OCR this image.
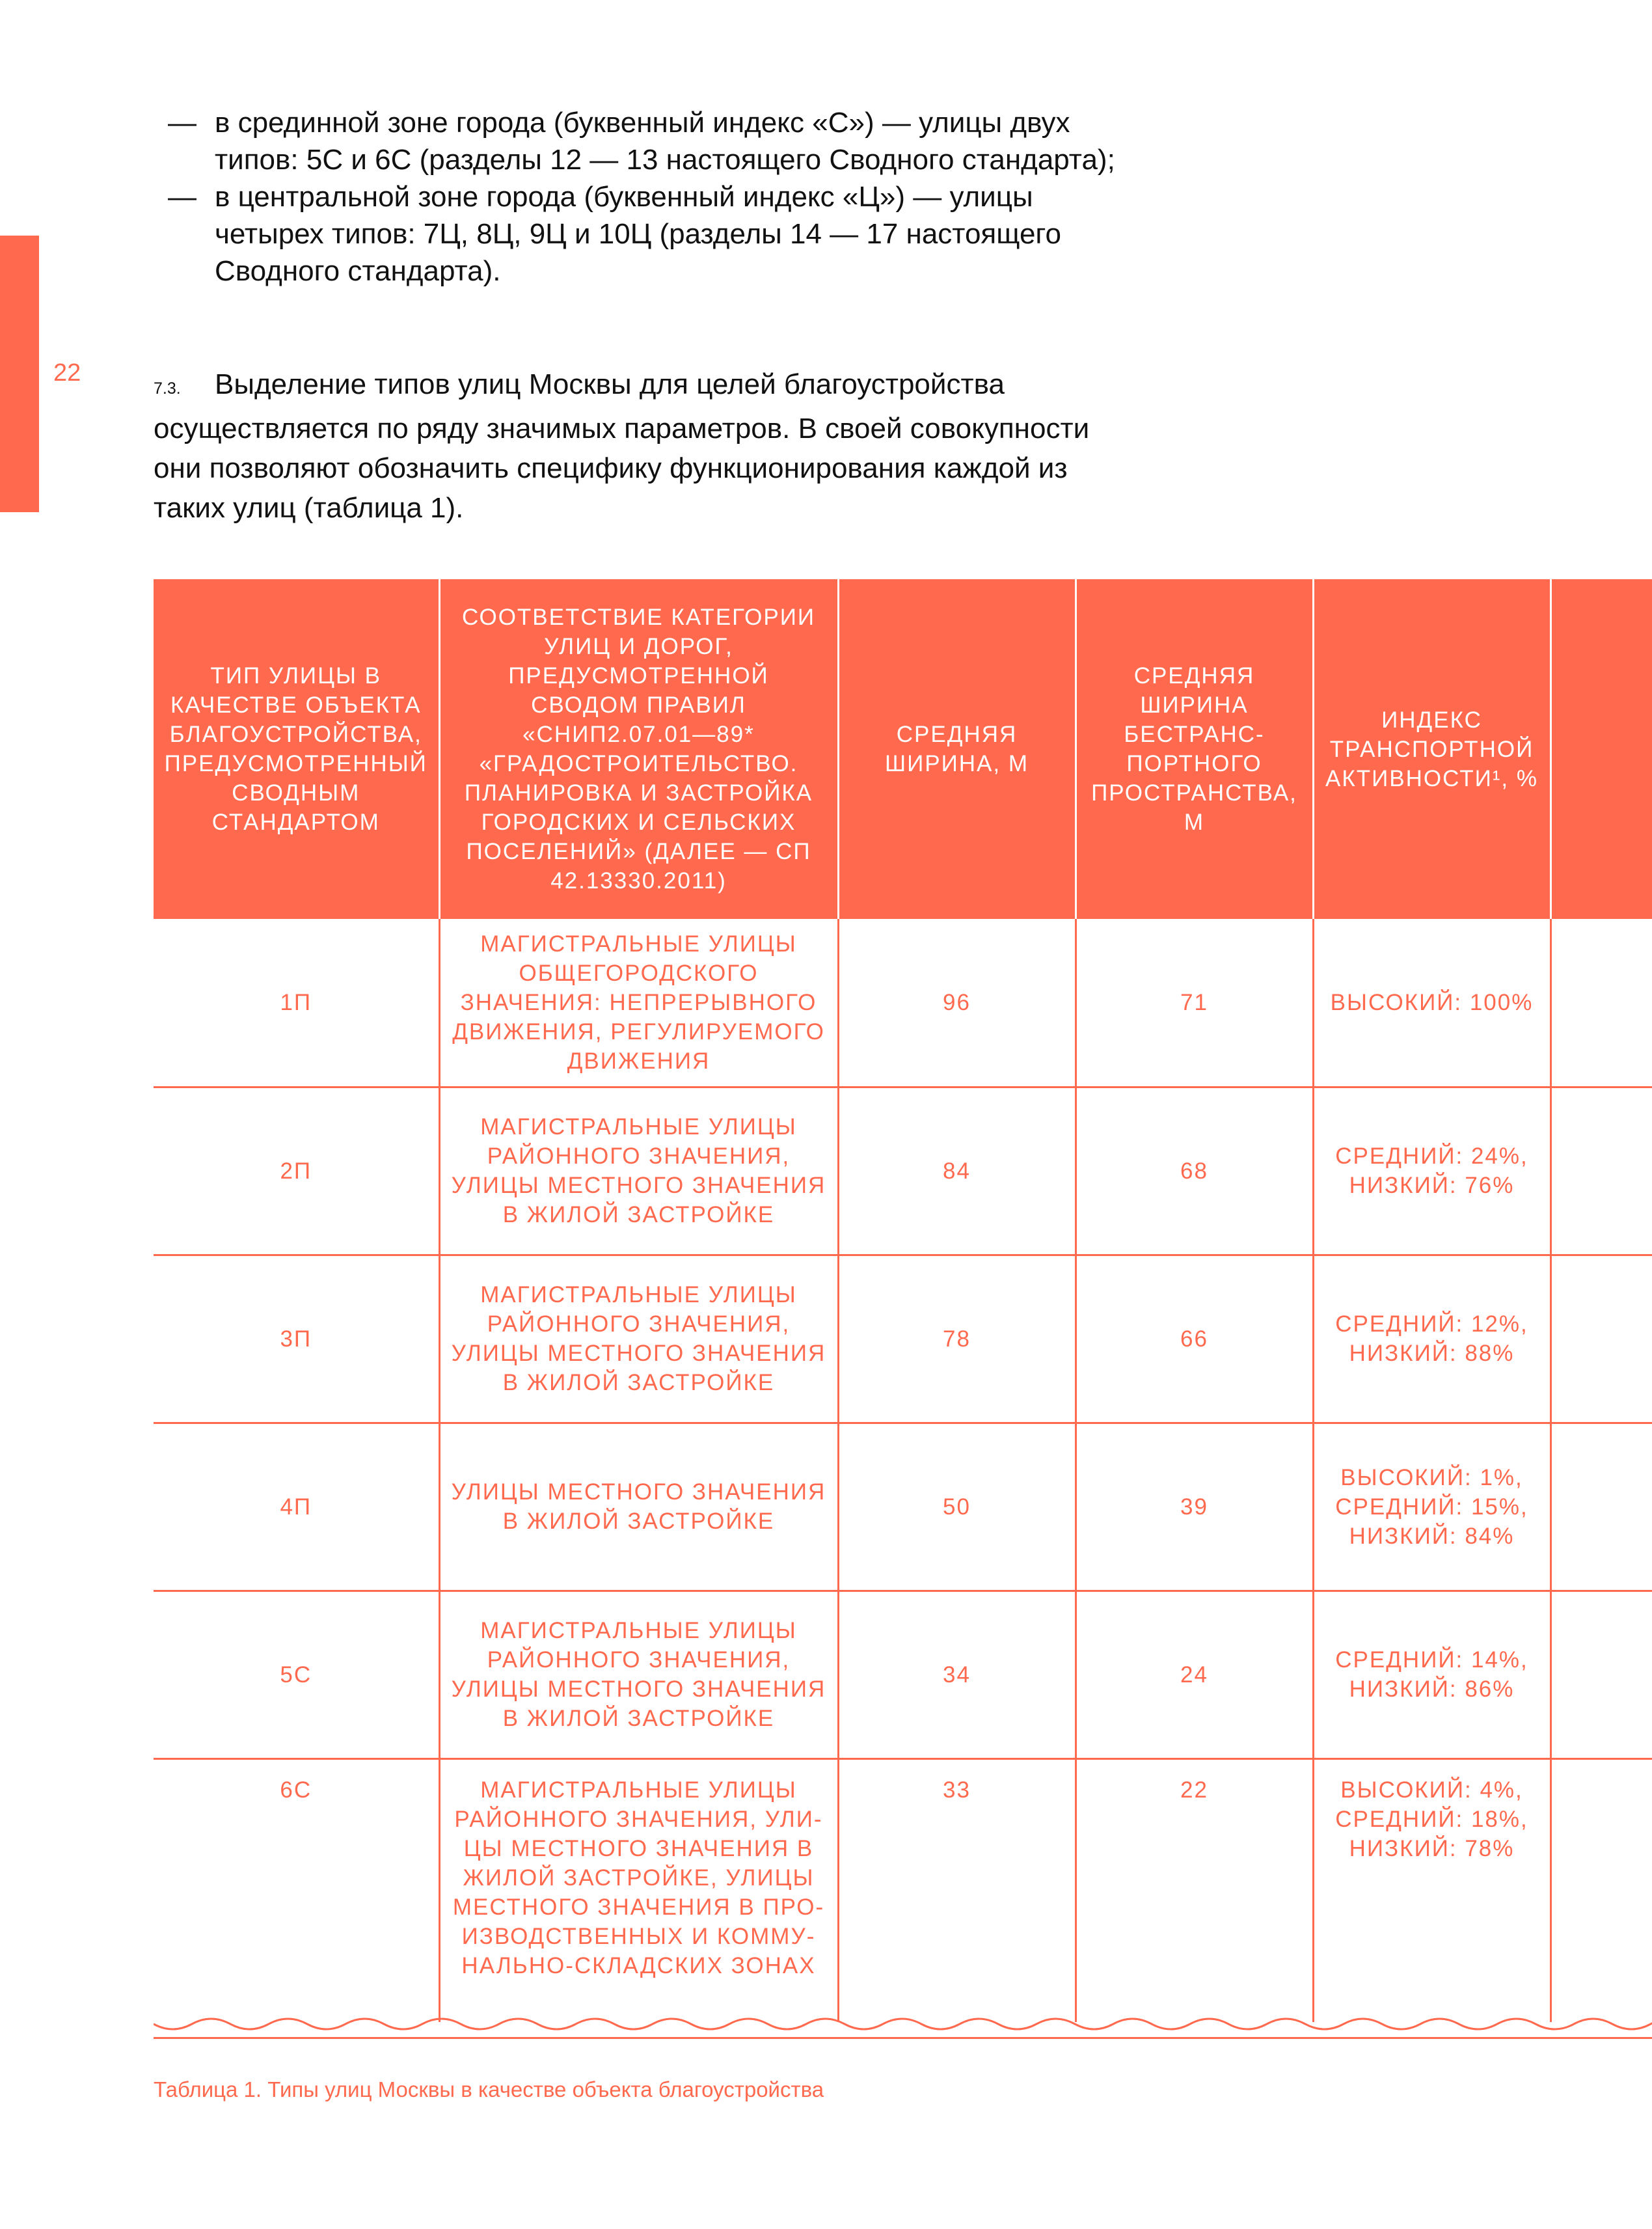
22

— в срединной зоне города (буквенный индекс «С») — улицы двух типов: 5С и 6С (разделы 12 — 13 настоящего Сводного стандарта);

— в центральной зоне города (буквенный индекс «Ц») — улицы четырех типов: 7Ц, 8Ц, 9Ц и 10Ц (разделы 14 — 17 настоящего Сводного стандарта).

7.3. Выделение типов улиц Москвы для целей благоустройства осуществляется по ряду значимых параметров. В своей совокупности они позволяют обозначить специфику функционирования каждой из таких улиц (таблица 1).
ТИП УЛИЦЫ В КАЧЕСТВЕ ОБЪЕКТА БЛАГОУСТРОЙСТВА, ПРЕДУСМОТРЕННЫЙ СВОДНЫМ СТАНДАРТОМ	СООТВЕТСТВИЕ КАТЕГОРИИ УЛИЦ И ДОРОГ, ПРЕДУСМОТРЕННОЙ СВОДОМ ПРАВИЛ «СНИП2.07.01—89* «ГРАДОСТРОИТЕЛЬСТВО. ПЛАНИРОВКА И ЗАСТРОЙКА ГОРОДСКИХ И СЕЛЬСКИХ ПОСЕЛЕНИЙ» (ДАЛЕЕ — СП 42.13330.2011)	СРЕДНЯЯ ШИРИНА, М	СРЕДНЯЯ ШИРИНА БЕСТРАНС-ПОРТНОГО ПРОСТРАНСТВА, М	ИНДЕКС ТРАНСПОРТНОЙ АКТИВНОСТИ¹, %	
1П	МАГИСТРАЛЬНЫЕ УЛИЦЫ ОБЩЕГОРОДСКОГО ЗНАЧЕНИЯ: НЕПРЕРЫВНОГО ДВИЖЕНИЯ, РЕГУЛИРУЕМОГО ДВИЖЕНИЯ	96	71	ВЫСОКИЙ: 100%	
2П	МАГИСТРАЛЬНЫЕ УЛИЦЫ РАЙОННОГО ЗНАЧЕНИЯ, УЛИЦЫ МЕСТНОГО ЗНАЧЕНИЯ В ЖИЛОЙ ЗАСТРОЙКЕ	84	68	СРЕДНИЙ: 24%, НИЗКИЙ: 76%	
3П	МАГИСТРАЛЬНЫЕ УЛИЦЫ РАЙОННОГО ЗНАЧЕНИЯ, УЛИЦЫ МЕСТНОГО ЗНАЧЕНИЯ В ЖИЛОЙ ЗАСТРОЙКЕ	78	66	СРЕДНИЙ: 12%, НИЗКИЙ: 88%	
4П	УЛИЦЫ МЕСТНОГО ЗНАЧЕНИЯ В ЖИЛОЙ ЗАСТРОЙКЕ	50	39	ВЫСОКИЙ: 1%, СРЕДНИЙ: 15%, НИЗКИЙ: 84%	
5С	МАГИСТРАЛЬНЫЕ УЛИЦЫ РАЙОННОГО ЗНАЧЕНИЯ, УЛИЦЫ МЕСТНОГО ЗНАЧЕНИЯ В ЖИЛОЙ ЗАСТРОЙКЕ	34	24	СРЕДНИЙ: 14%, НИЗКИЙ: 86%	
6С	МАГИСТРАЛЬНЫЕ УЛИЦЫ РАЙОННОГО ЗНАЧЕНИЯ, УЛИ-ЦЫ МЕСТНОГО ЗНАЧЕНИЯ В ЖИЛОЙ ЗАСТРОЙКЕ, УЛИЦЫ МЕСТНОГО ЗНАЧЕНИЯ В ПРО-ИЗВОДСТВЕННЫХ И КОММУ-НАЛЬНО-СКЛАДСКИХ ЗОНАХ	33	22	ВЫСОКИЙ: 4%, СРЕДНИЙ: 18%, НИЗКИЙ: 78%	
Таблица 1. Типы улиц Москвы в качестве объекта благоустройства
